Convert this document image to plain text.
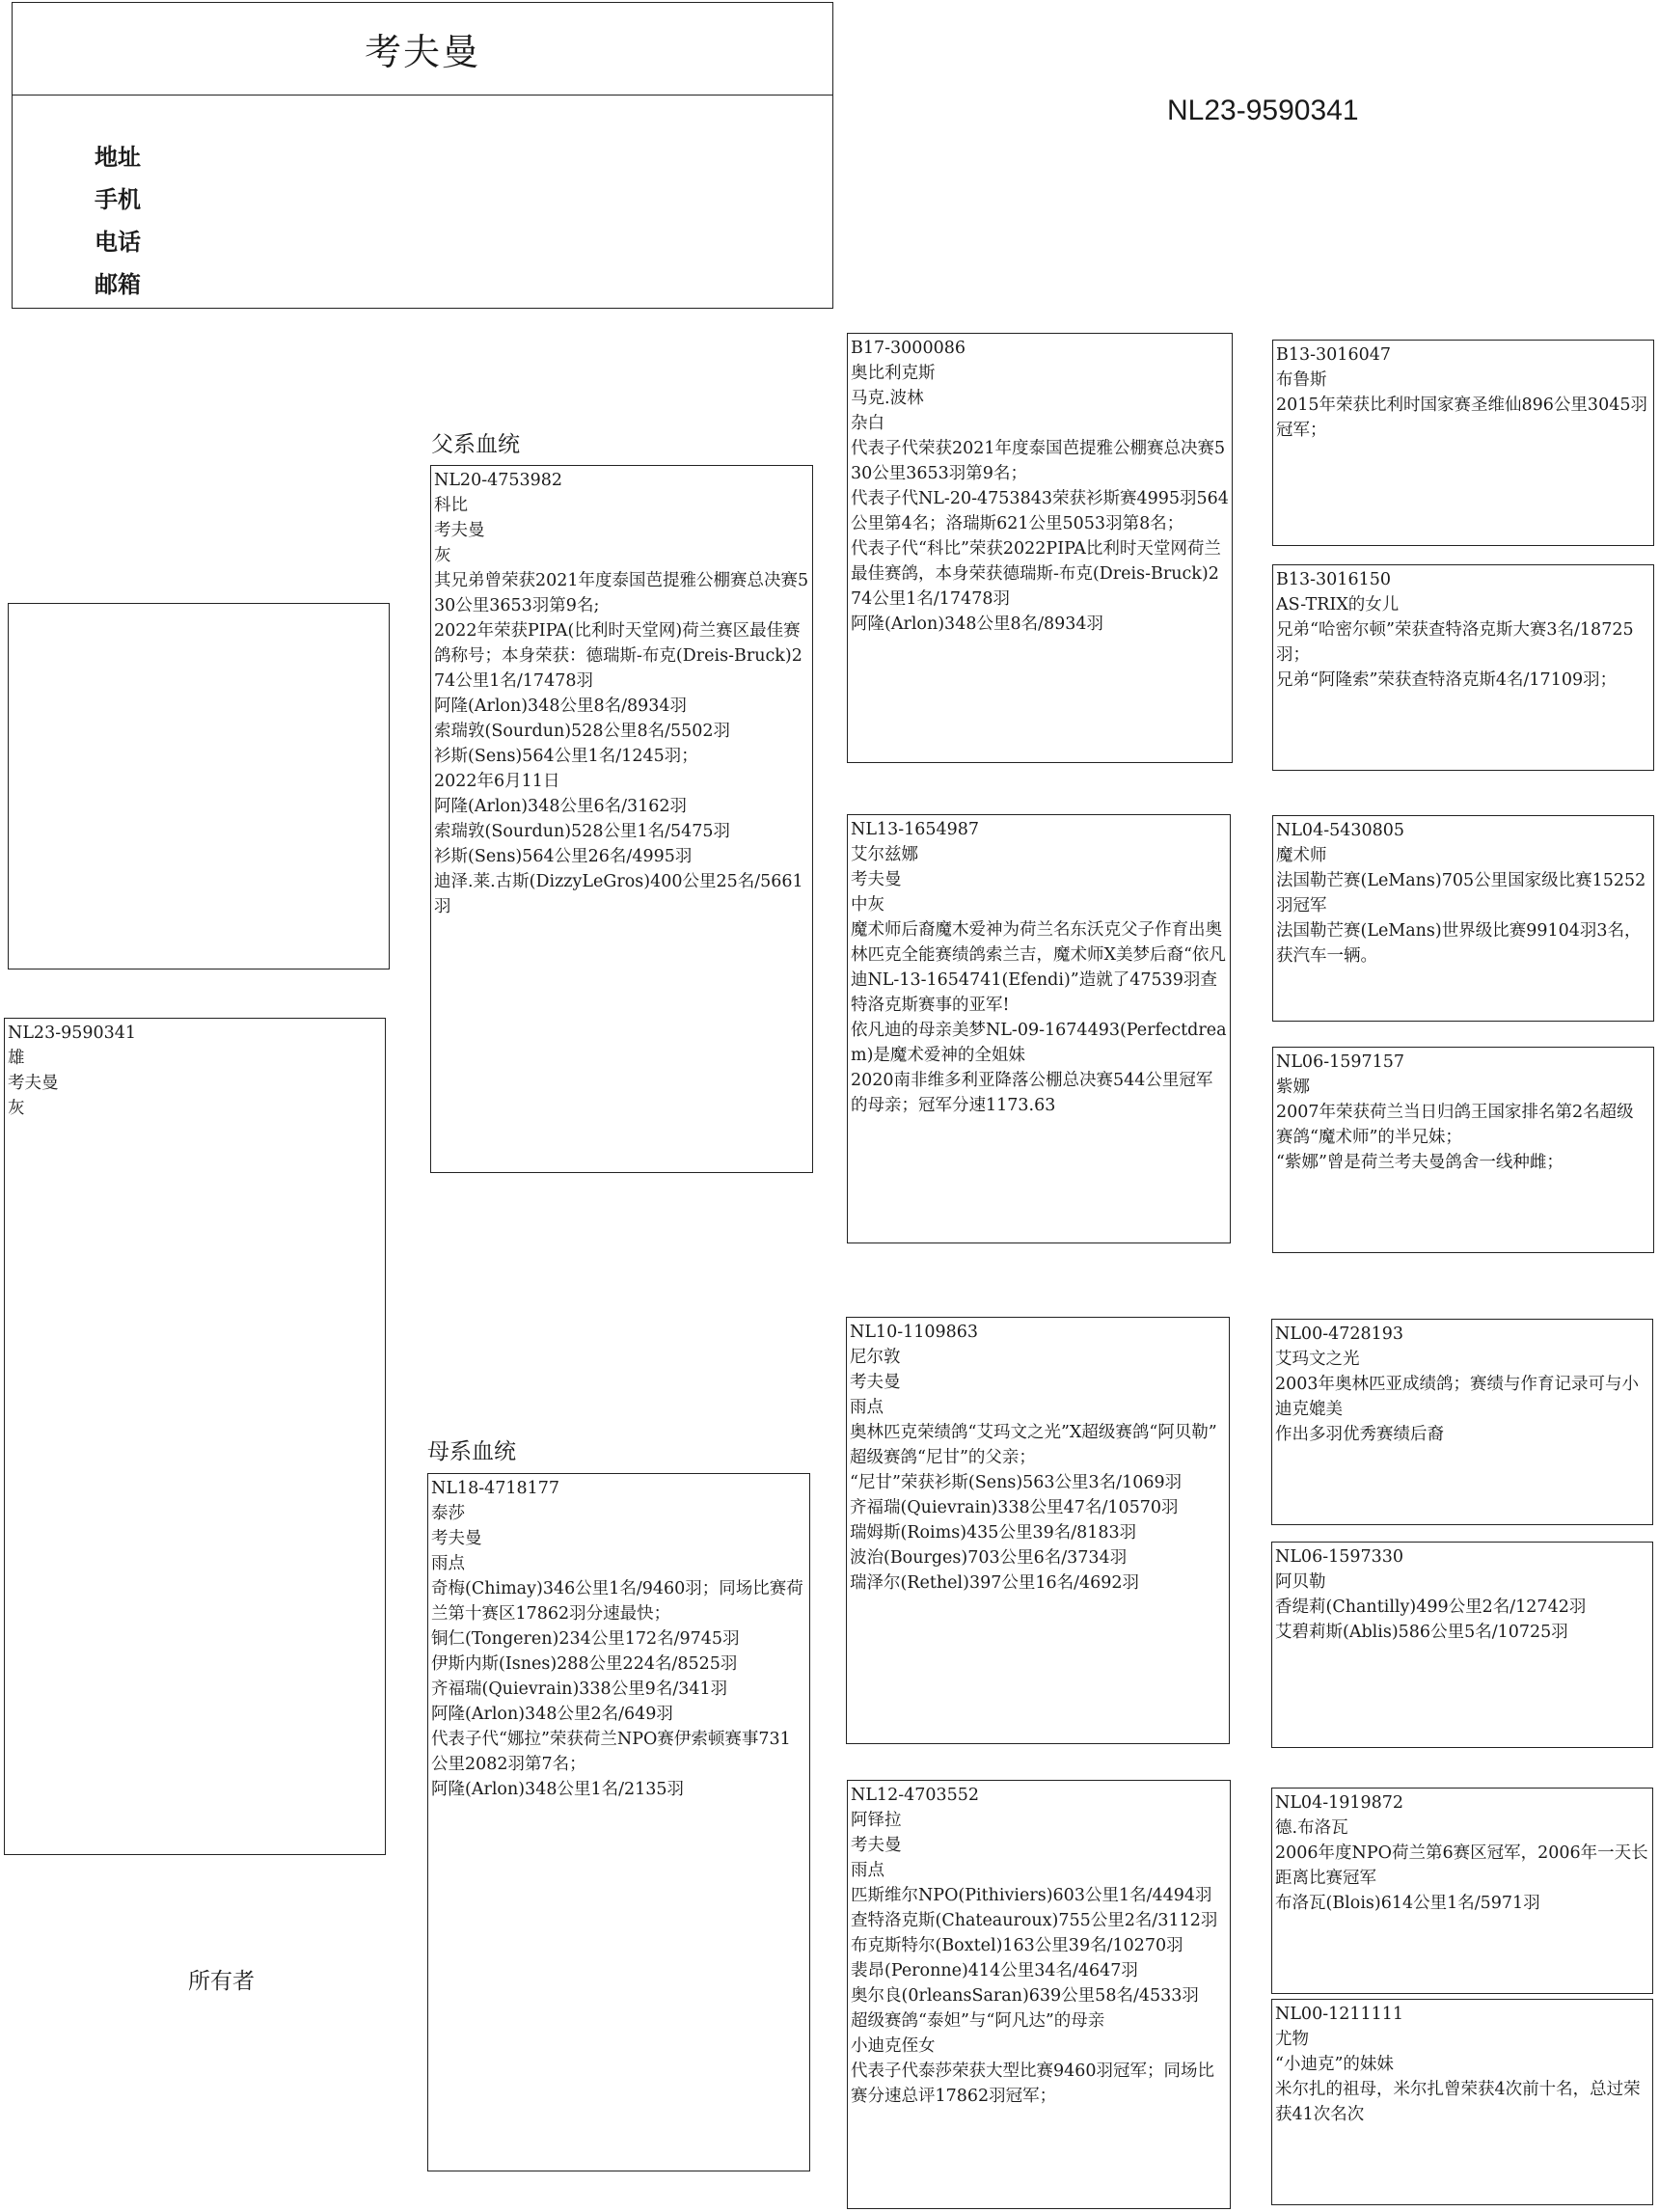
考夫曼
地址
手机
电话
邮箱
NL23-9590341
父系血统
母系血统
所有者
NL23-9590341
雄
考夫曼
灰
NL20-4753982
科比
考夫曼
灰
其兄弟曾荣获2021年度泰国芭提雅公棚赛总决赛530公里3653羽第9名;
2022年荣获PIPA(比利时天堂网)荷兰赛区最佳赛鸽称号；本身荣获：德瑞斯-布克(Dreis-Bruck)274公里1名/17478羽
阿隆(Arlon)348公里8名/8934羽
索瑞敦(Sourdun)528公里8名/5502羽
衫斯(Sens)564公里1名/1245羽；
2022年6月11日
阿隆(Arlon)348公里6名/3162羽
索瑞敦(Sourdun)528公里1名/5475羽
衫斯(Sens)564公里26名/4995羽
迪泽.莱.古斯(DizzyLeGros)400公里25名/5661羽
NL18-4718177
泰莎
考夫曼
雨点
奇梅(Chimay)346公里1名/9460羽；同场比赛荷兰第十赛区17862羽分速最快；
铜仁(Tongeren)234公里172名/9745羽
伊斯内斯(Isnes)288公里224名/8525羽
齐福瑞(Quievrain)338公里9名/341羽
阿隆(Arlon)348公里2名/649羽
代表子代“娜拉”荣获荷兰NPO赛伊索顿赛事731公里2082羽第7名；
阿隆(Arlon)348公里1名/2135羽
B17-3000086
奥比利克斯
马克.波林
杂白
代表子代荣获2021年度泰国芭提雅公棚赛总决赛530公里3653羽第9名；
代表子代NL-20-4753843荣获衫斯赛4995羽564公里第4名；洛瑞斯621公里5053羽第8名；
代表子代“科比”荣获2022PIPA比利时天堂网荷兰最佳赛鸽，本身荣获德瑞斯-布克(Dreis-Bruck)274公里1名/17478羽
阿隆(Arlon)348公里8名/8934羽
NL13-1654987
艾尔兹娜
考夫曼
中灰
魔术师后裔魔木爱神为荷兰名东沃克父子作育出奥林匹克全能赛绩鸽索兰吉，魔术师X美梦后裔“依凡迪NL-13-1654741(Efendi)”造就了47539羽查特洛克斯赛事的亚军!
依凡迪的母亲美梦NL-09-1674493(Perfectdream)是魔术爱神的全姐妹
2020南非维多利亚降落公棚总决赛544公里冠军的母亲；冠军分速1173.63
NL10-1109863
尼尔敦
考夫曼
雨点
奥林匹克荣绩鸽“艾玛文之光”X超级赛鸽“阿贝勒”
超级赛鸽“尼甘”的父亲；
“尼甘”荣获衫斯(Sens)563公里3名/1069羽
齐福瑞(Quievrain)338公里47名/10570羽
瑞姆斯(Roims)435公里39名/8183羽
波治(Bourges)703公里6名/3734羽
瑞泽尔(Rethel)397公里16名/4692羽
NL12-4703552
阿铎拉
考夫曼
雨点
匹斯维尔NPO(Pithiviers)603公里1名/4494羽
查特洛克斯(Chateauroux)755公里2名/3112羽
布克斯特尔(Boxtel)163公里39名/10270羽
裴昂(Peronne)414公里34名/4647羽
奥尔良(0rleansSaran)639公里58名/4533羽
超级赛鸽“泰妲”与“阿凡达”的母亲
小迪克侄女
代表子代泰莎荣获大型比赛9460羽冠军；同场比赛分速总评17862羽冠军；
B13-3016047
布鲁斯
2015年荣获比利时国家赛圣维仙896公里3045羽冠军；
B13-3016150
AS-TRIX的女儿
兄弟“哈密尔顿”荣获查特洛克斯大赛3名/18725羽；
兄弟“阿隆索”荣获查特洛克斯4名/17109羽；
NL04-5430805
魔术师
法国勒芒赛(LeMans)705公里国家级比赛15252羽冠军
法国勒芒赛(LeMans)世界级比赛99104羽3名，获汽车一辆。
NL06-1597157
紫娜
2007年荣获荷兰当日归鸽王国家排名第2名超级赛鸽“魔术师”的半兄妹；
“紫娜”曾是荷兰考夫曼鸽舍一线种雌；
NL00-4728193
艾玛文之光
2003年奥林匹亚成绩鸽；赛绩与作育记录可与小迪克媲美
作出多羽优秀赛绩后裔
NL06-1597330
阿贝勒
香缇莉(Chantilly)499公里2名/12742羽
艾碧莉斯(Ablis)586公里5名/10725羽
NL04-1919872
德.布洛瓦
2006年度NPO荷兰第6赛区冠军，2006年一天长距离比赛冠军
布洛瓦(Blois)614公里1名/5971羽
NL00-1211111
尤物
“小迪克”的妹妹
米尔扎的祖母，米尔扎曾荣获4次前十名，总过荣获41次名次
